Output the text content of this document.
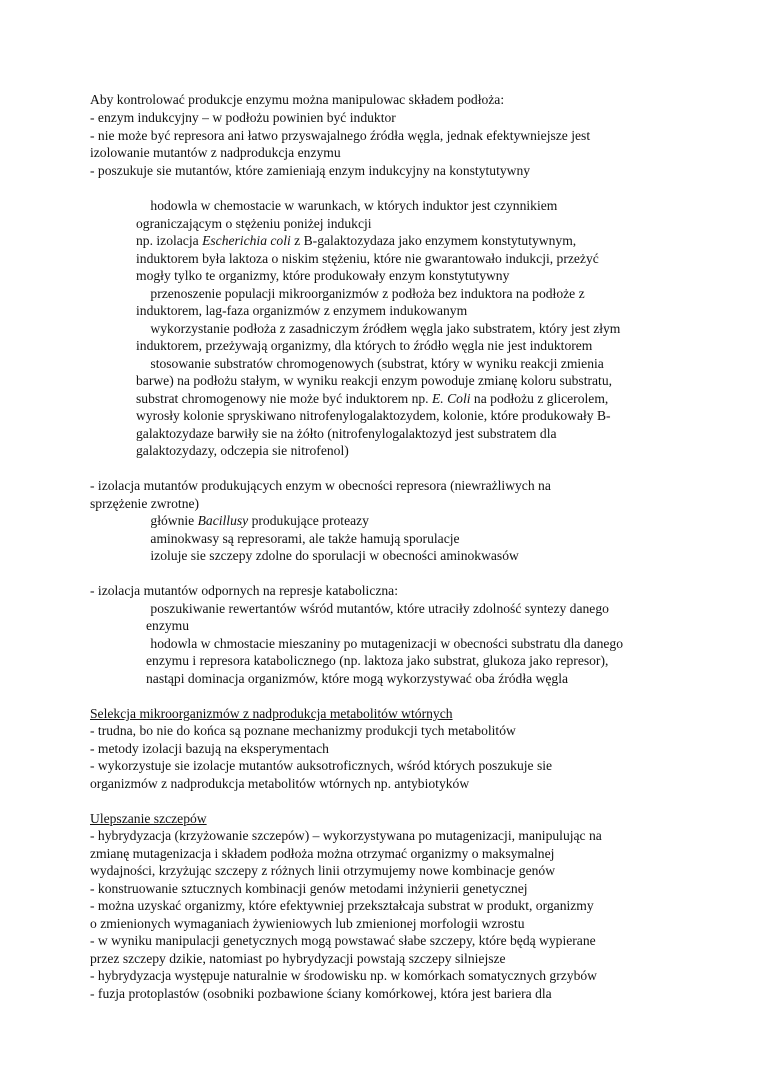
Aby kontrolować produkcje enzymu można manipulowac składem podłoża:
- enzym indukcyjny – w podłożu powinien być induktor
- nie może być represora ani łatwo przyswajalnego źródła węgla, jednak efektywniejsze jest
izolowanie mutantów z nadprodukcja enzymu
- poszukuje sie mutantów, które zamieniają enzym indukcyjny na konstytutywny
hodowla w chemostacie w warunkach, w których induktor jest czynnikiem
ograniczającym o stężeniu poniżej indukcji
np. izolacja Escherichia coli z B-galaktozydaza jako enzymem konstytutywnym,
induktorem była laktoza o niskim stężeniu, które nie gwarantowało indukcji, przeżyć
mogły tylko te organizmy, które produkowały enzym konstytutywny
przenoszenie populacji mikroorganizmów z podłoża bez induktora na podłoże z
induktorem, lag-faza organizmów z enzymem indukowanym
wykorzystanie podłoża z zasadniczym źródłem węgla jako substratem, który jest złym
induktorem, przeżywają organizmy, dla których to źródło węgla nie jest induktorem
stosowanie substratów chromogenowych (substrat, który w wyniku reakcji zmienia
barwe) na podłożu stałym, w wyniku reakcji enzym powoduje zmianę koloru substratu,
substrat chromogenowy nie może być induktorem np. E. Coli na podłożu z glicerolem,
wyrosły kolonie spryskiwano nitrofenylogalaktozydem, kolonie, które produkowały B-
galaktozydaze barwiły sie na żółto (nitrofenylogalaktozyd jest substratem dla
galaktozydazy, odczepia sie nitrofenol)
- izolacja mutantów produkujących enzym w obecności represora (niewrażliwych na
sprzężenie zwrotne)
głównie Bacillusy produkujące proteazy
aminokwasy są represorami, ale także hamują sporulacje
izoluje sie szczepy zdolne do sporulacji w obecności aminokwasów
- izolacja mutantów odpornych na represje kataboliczna:
poszukiwanie rewertantów wśród mutantów, które utraciły zdolność syntezy danego
enzymu
hodowla w chmostacie mieszaniny po mutagenizacji w obecności substratu dla danego
enzymu i represora katabolicznego (np. laktoza jako substrat, glukoza jako represor),
nastąpi dominacja organizmów, które mogą wykorzystywać oba źródła węgla
Selekcja mikroorganizmów z nadprodukcja metabolitów wtórnych
- trudna, bo nie do końca są poznane mechanizmy produkcji tych metabolitów
- metody izolacji bazują na eksperymentach
- wykorzystuje sie izolacje mutantów auksotroficznych, wśród których poszukuje sie
organizmów z nadprodukcja metabolitów wtórnych np. antybiotyków
Ulepszanie szczepów
- hybrydyzacja (krzyżowanie szczepów) – wykorzystywana po mutagenizacji, manipulując na
zmianę mutagenizacja i składem podłoża można otrzymać organizmy o maksymalnej
wydajności, krzyżując szczepy z różnych linii otrzymujemy nowe kombinacje genów
- konstruowanie sztucznych kombinacji genów metodami inżynierii genetycznej
- można uzyskać organizmy, które efektywniej przekształcaja substrat w produkt, organizmy
o zmienionych wymaganiach żywieniowych lub zmienionej morfologii wzrostu
- w wyniku manipulacji genetycznych mogą powstawać słabe szczepy, które będą wypierane
przez szczepy dzikie, natomiast po hybrydyzacji powstają szczepy silniejsze
- hybrydyzacja występuje naturalnie w środowisku np. w komórkach somatycznych grzybów
- fuzja protoplastów (osobniki pozbawione ściany komórkowej, która jest bariera dla
